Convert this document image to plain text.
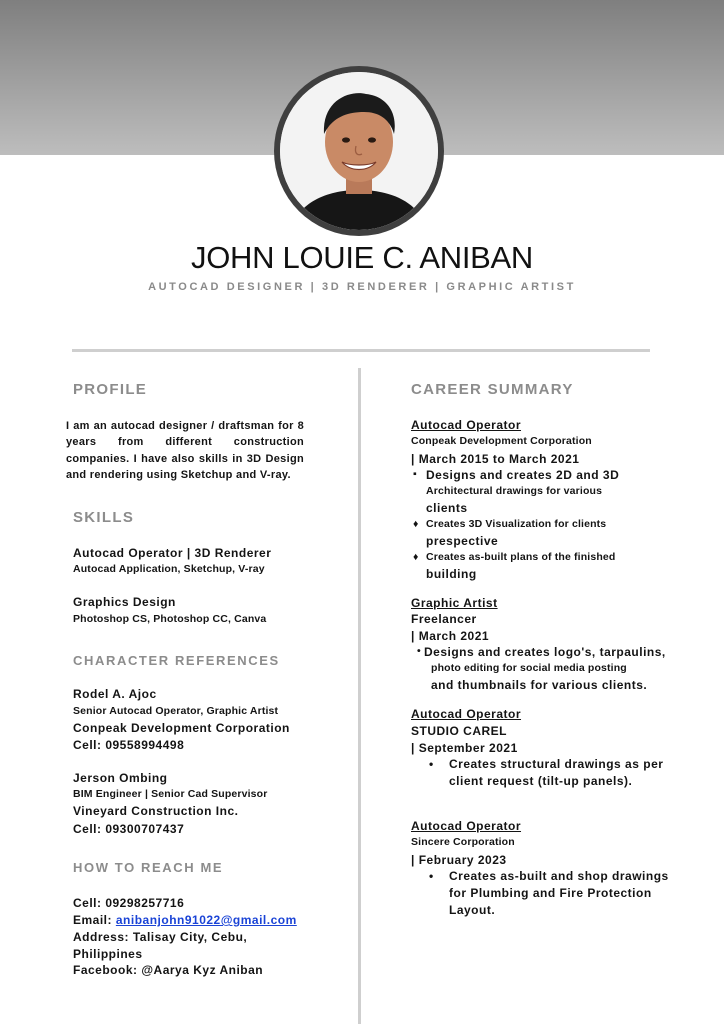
JOHN LOUIE C. ANIBAN
AUTOCAD DESIGNER | 3D RENDERER | GRAPHIC ARTIST
PROFILE

I am an autocad designer / draftsman for 8 years from different construction companies. I have also skills in 3D Design and rendering using Sketchup and V-ray.

SKILLS
Autocad Operator | 3D Renderer
Autocad Application, Sketchup, V-ray
Graphics Design
Photoshop CS, Photoshop CC, Canva
CHARACTER REFERENCES
Rodel A. Ajoc
Senior Autocad Operator, Graphic Artist
Conpeak Development Corporation
Cell: 09558994498
Jerson Ombing
BIM Engineer | Senior Cad Supervisor
Vineyard Construction Inc.
Cell: 09300707437
HOW TO REACH ME
Cell: 09298257716
Email: anibanjohn91022@gmail.com
Address: Talisay City, Cebu,
Philippines
Facebook: @Aarya Kyz Aniban
CAREER SUMMARY
Autocad Operator
Conpeak Development Corporation
| March 2015 to March 2021
▪ Designs and creates 2D and 3D
Architectural drawings for various
clients
♦ Creates 3D Visualization for clients
prespective
♦ Creates as-built plans of the finished
building
Graphic Artist
Freelancer
| March 2021
• Designs and creates logo's, tarpaulins,
photo editing for social media posting
and thumbnails for various clients.
Autocad Operator
STUDIO CAREL
| September 2021
• Creates structural drawings as per
client request (tilt-up panels).
Autocad Operator
Sincere Corporation
| February 2023
• Creates as-built and shop drawings
for Plumbing and Fire Protection
Layout.
